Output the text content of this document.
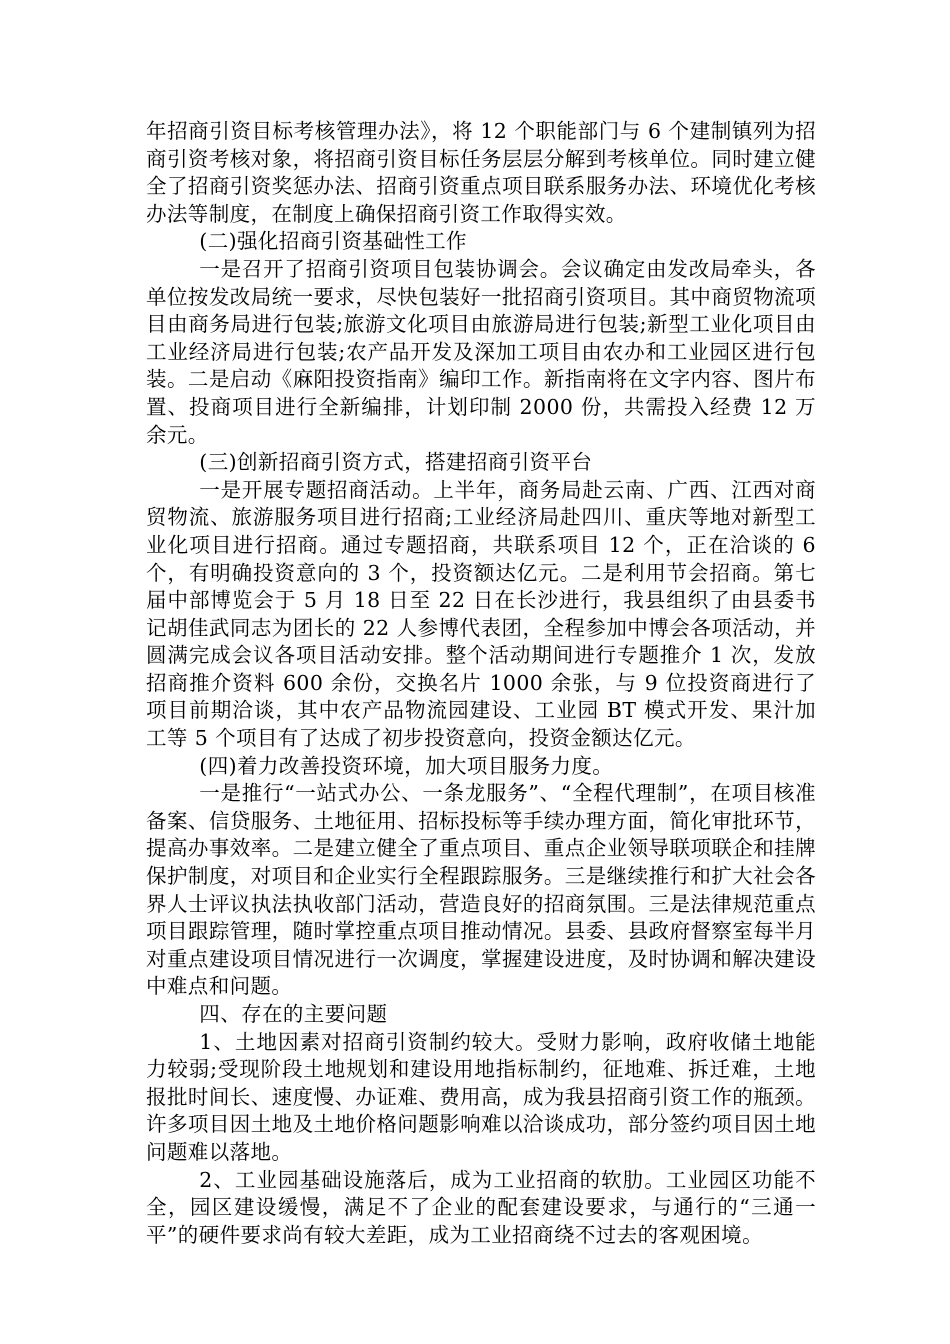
年招商引资目标考核管理办法》，将 12 个职能部门与 6 个建制镇列为招商引资考核对象，将招商引资目标任务层层分解到考核单位。同时建立健全了招商引资奖惩办法、招商引资重点项目联系服务办法、环境优化考核办法等制度，在制度上确保招商引资工作取得实效。

(二)强化招商引资基础性工作

一是召开了招商引资项目包装协调会。会议确定由发改局牵头，各单位按发改局统一要求，尽快包装好一批招商引资项目。其中商贸物流项目由商务局进行包装;旅游文化项目由旅游局进行包装;新型工业化项目由工业经济局进行包装;农产品开发及深加工项目由农办和工业园区进行包装。二是启动《麻阳投资指南》编印工作。新指南将在文字内容、图片布置、投商项目进行全新编排，计划印制 2000 份，共需投入经费 12 万余元。

(三)创新招商引资方式，搭建招商引资平台

一是开展专题招商活动。上半年，商务局赴云南、广西、江西对商贸物流、旅游服务项目进行招商;工业经济局赴四川、重庆等地对新型工业化项目进行招商。通过专题招商，共联系项目 12 个，正在洽谈的 6 个，有明确投资意向的 3 个，投资额达亿元。二是利用节会招商。第七届中部博览会于 5 月 18 日至 22 日在长沙进行，我县组织了由县委书记胡佳武同志为团长的 22 人参博代表团，全程参加中博会各项活动，并圆满完成会议各项目活动安排。整个活动期间进行专题推介 1 次，发放招商推介资料 600 余份，交换名片 1000 余张，与 9 位投资商进行了项目前期洽谈，其中农产品物流园建设、工业园 BT 模式开发、果汁加工等 5 个项目有了达成了初步投资意向，投资金额达亿元。

(四)着力改善投资环境，加大项目服务力度。

一是推行“一站式办公、一条龙服务”、“全程代理制”，在项目核准备案、信贷服务、土地征用、招标投标等手续办理方面，简化审批环节，提高办事效率。二是建立健全了重点项目、重点企业领导联项联企和挂牌保护制度，对项目和企业实行全程跟踪服务。三是继续推行和扩大社会各界人士评议执法执收部门活动，营造良好的招商氛围。三是法律规范重点项目跟踪管理，随时掌控重点项目推动情况。县委、县政府督察室每半月对重点建设项目情况进行一次调度，掌握建设进度，及时协调和解决建设中难点和问题。

四、存在的主要问题

1、土地因素对招商引资制约较大。受财力影响，政府收储土地能力较弱;受现阶段土地规划和建设用地指标制约，征地难、拆迁难，土地报批时间长、速度慢、办证难、费用高，成为我县招商引资工作的瓶颈。许多项目因土地及土地价格问题影响难以洽谈成功，部分签约项目因土地问题难以落地。

2、工业园基础设施落后，成为工业招商的软肋。工业园区功能不全，园区建设缓慢，满足不了企业的配套建设要求，与通行的“三通一平”的硬件要求尚有较大差距，成为工业招商绕不过去的客观困境。
